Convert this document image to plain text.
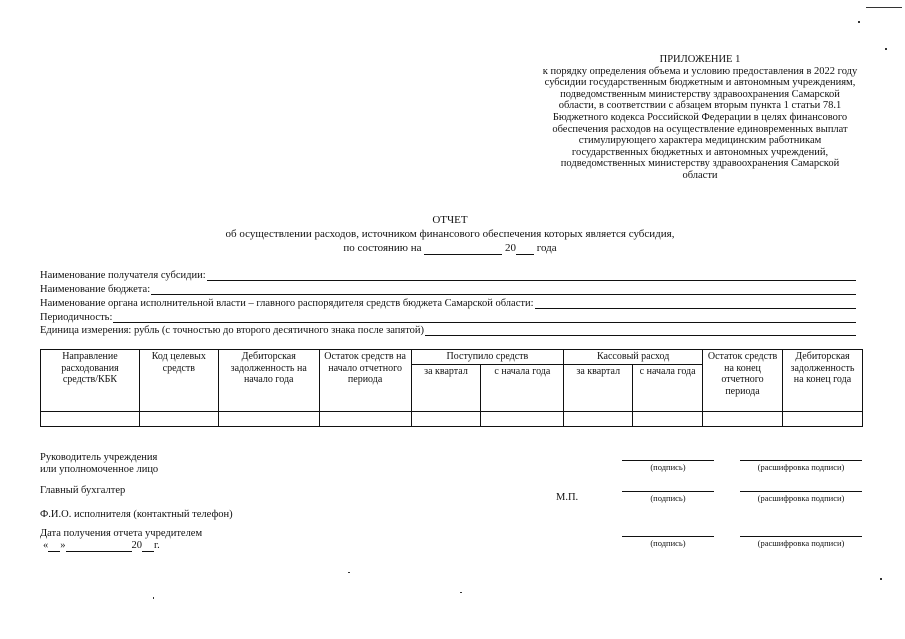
ПРИЛОЖЕНИЕ 1
к порядку определения объема и условию предоставления в 2022 году
субсидии государственным бюджетным и автономным учреждениям,
подведомственным министерству здравоохранения Самарской
области, в соответствии с абзацем вторым пункта 1 статьи 78.1
Бюджетного кодекса Российской Федерации в целях финансового
обеспечения расходов на осуществление единовременных выплат
стимулирующего характера медицинским работникам
государственных бюджетных и автономных учреждений,
подведомственных министерству здравоохранения Самарской
области
ОТЧЕТ
об осуществлении расходов, источником финансового обеспечения которых является субсидия,
по состоянию на	20 года
Наименование получателя субсидии:
Наименование бюджета:
Наименование органа исполнительной власти – главного распорядителя средств бюджета Самарской области:
Периодичность:
Единица измерения: рубль (с точностью до второго десятичного знака после запятой)
Направление расходования средств/КБК	Код целевых средств	Дебиторская задолженность на начало года	Остаток средств на начало отчетного периода	Поступило средств		Кассовый расход		Остаток средств на конец отчетного периода	Дебиторская задолженность на конец года
				за квартал	с начала года	за квартал	с начала года		

Руководитель учреждения
или уполномоченное лицо	(подпись)	(расшифровка подписи)
Главный бухгалтер
М.П.	(подпись)	(расшифровка подписи)
Ф.И.О. исполнителя (контактный телефон)
Дата получения отчета учредителем
« »	20 г.	(подпись)	(расшифровка подписи)
